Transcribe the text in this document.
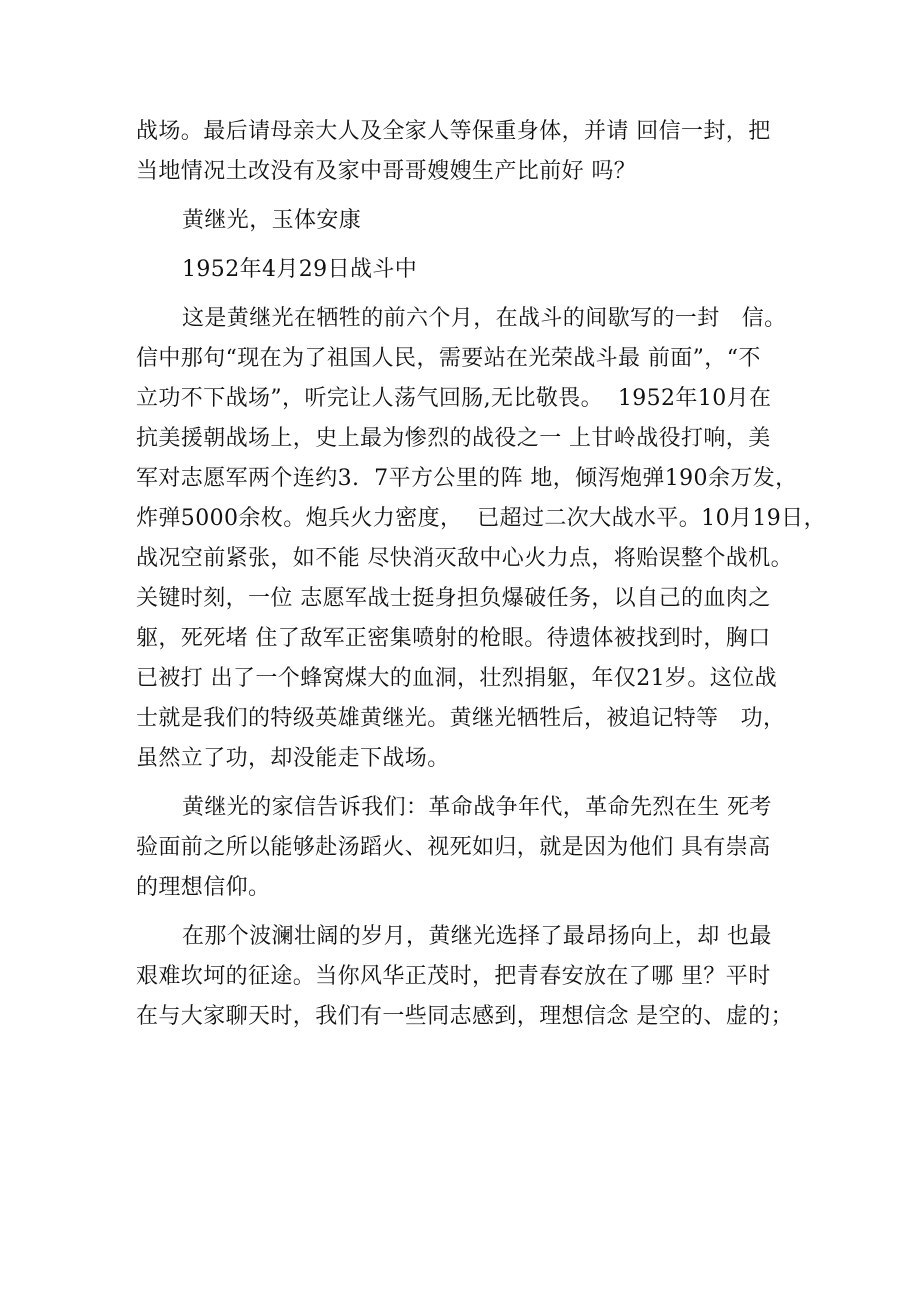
战场。最后请母亲大人及全家人等保重身体，并请 回信一封，把
当地情况土改没有及家中哥哥嫂嫂生产比前好 吗？
黄继光，玉体安康
1952年4月29日战斗中
这是黄继光在牺牲的前六个月，在战斗的间歇写的一封   信。
信中那句“现在为了祖国人民，需要站在光荣战斗最 前面”，“不
立功不下战场”，听完让人荡气回肠,无比敬畏。  1952年10月在
抗美援朝战场上，史上最为惨烈的战役之一 上甘岭战役打响，美
军对志愿军两个连约3.  7平方公里的阵 地，倾泻炮弹190余万发，
炸弹5000余枚。炮兵火力密度，  已超过二次大战水平。10月19日，
战况空前紧张，如不能 尽快消灭敌中心火力点，将贻误整个战机。
关键时刻，一位 志愿军战士挺身担负爆破任务，以自己的血肉之
躯，死死堵 住了敌军正密集喷射的枪眼。待遗体被找到时，胸口
已被打 出了一个蜂窝煤大的血洞，壮烈捐躯，年仅21岁。这位战
士就是我们的特级英雄黄继光。黄继光牺牲后，被追记特等   功，
虽然立了功，却没能走下战场。
黄继光的家信告诉我们：革命战争年代，革命先烈在生 死考
验面前之所以能够赴汤蹈火、视死如归，就是因为他们 具有崇高
的理想信仰。
在那个波澜壮阔的岁月，黄继光选择了最昂扬向上，却 也最
艰难坎坷的征途。当你风华正茂时，把青春安放在了哪 里？平时
在与大家聊天时，我们有一些同志感到，理想信念 是空的、虚的；
